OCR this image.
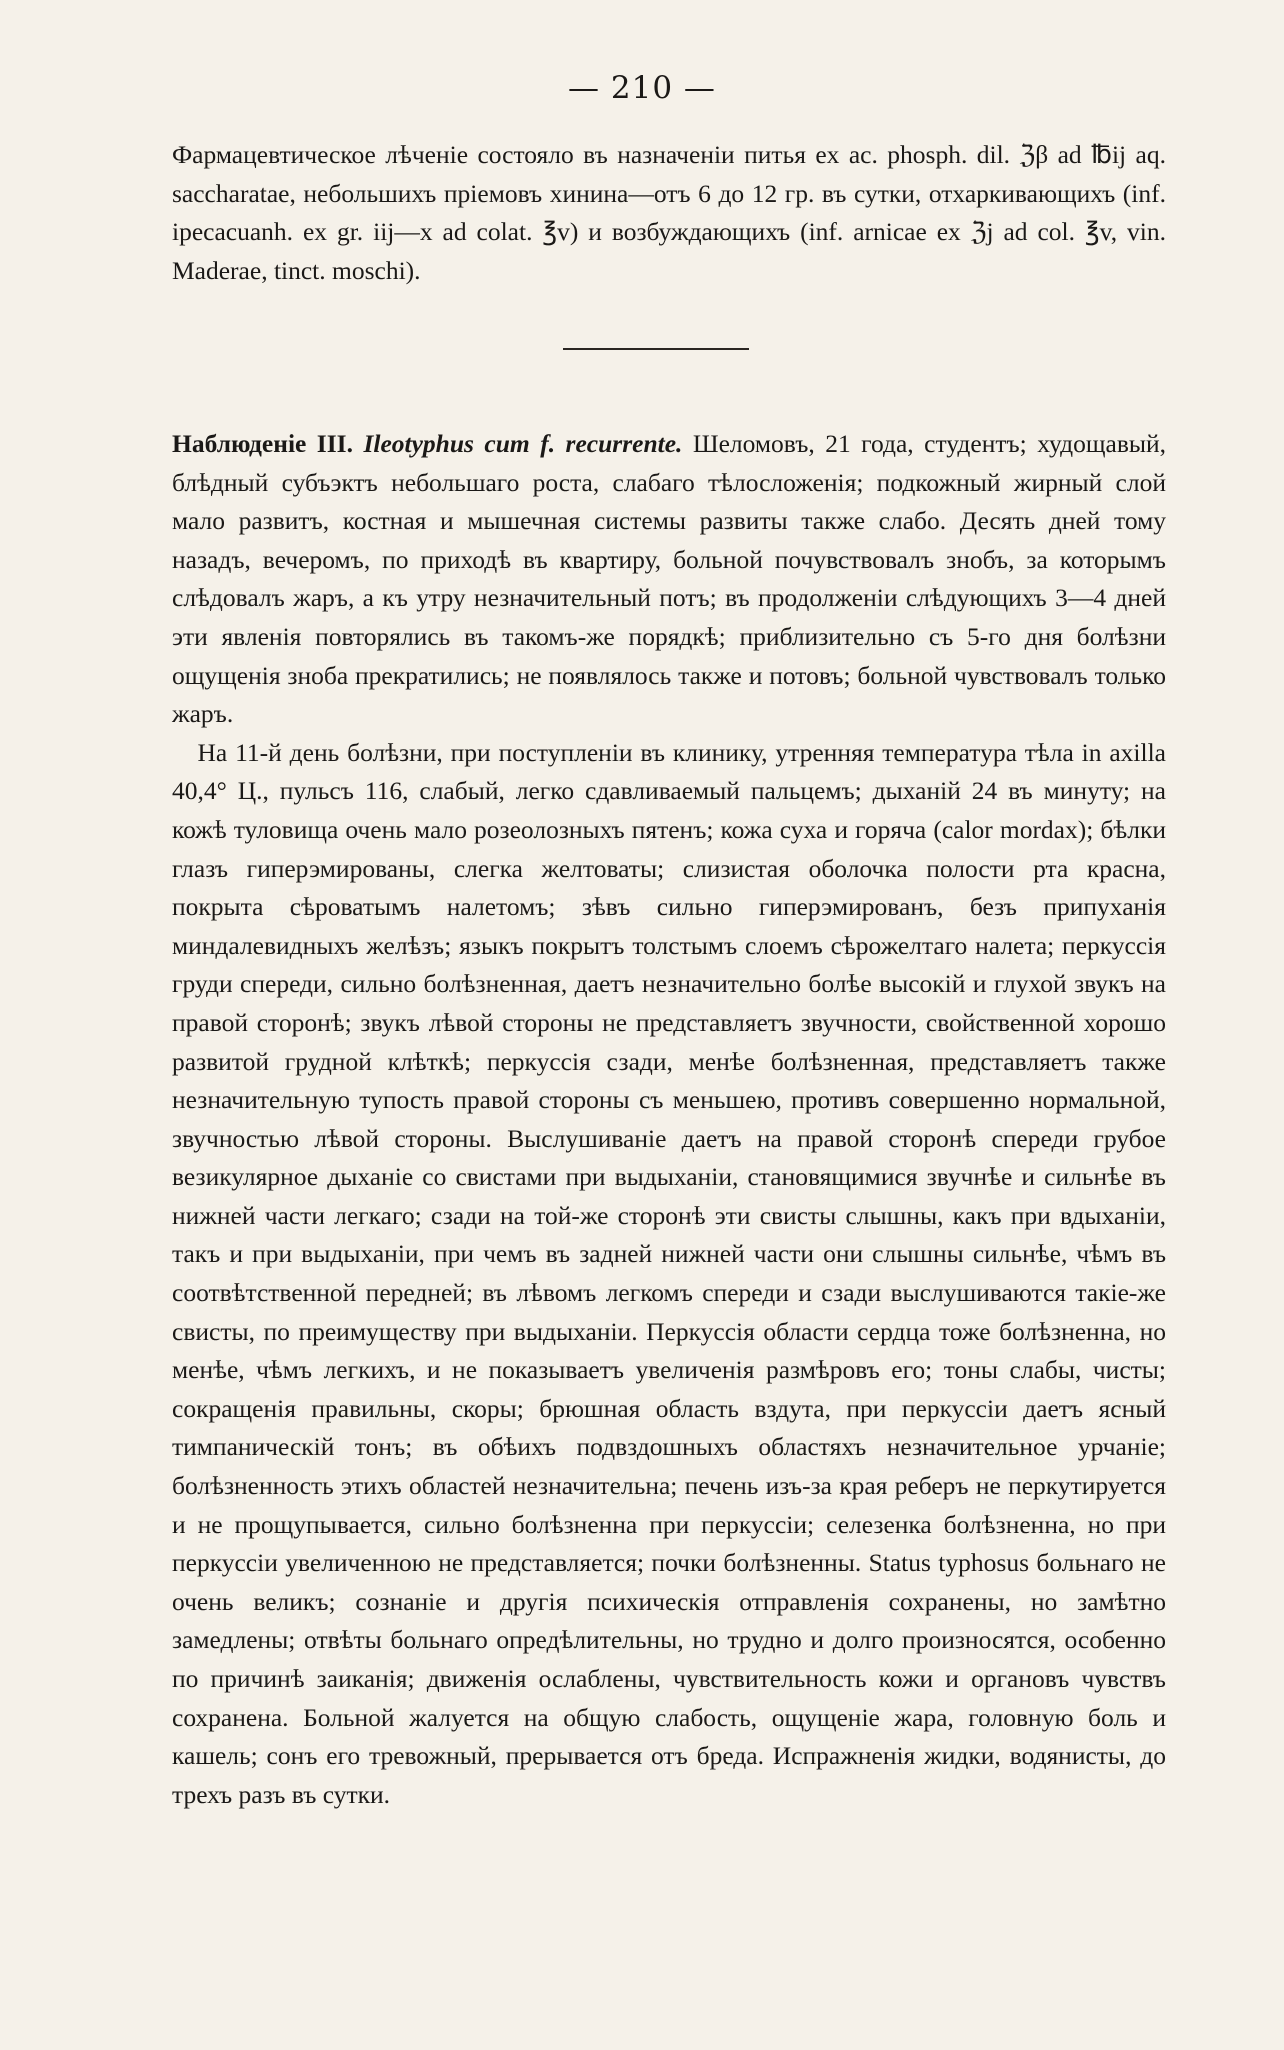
— 210 —
Фармацевтическое лѣченіе состояло въ назначеніи питья ex ac. phosph. dil. ℨβ ad ℔ij aq. saccharatae, небольшихъ пріемовъ хинина—отъ 6 до 12 гр. въ сутки, отхаркивающихъ (inf. ipecacuanh. ex gr. iij—x ad colat. ℥v) и возбуждающихъ (inf. arnicae ex ℨj ad col. ℥v, vin. Maderae, tinct. moschi).

Наблюденіе III. Ileotyphus cum f. recurrente. Шеломовъ, 21 года, студентъ; худощавый, блѣдный субъэктъ небольшаго роста, слабаго тѣлосложенія; подкожный жирный слой мало развитъ, костная и мышечная системы развиты также слабо. Десять дней тому назадъ, вечеромъ, по приходѣ въ квартиру, больной почувствовалъ знобъ, за которымъ слѣдовалъ жаръ, а къ утру незначительный потъ; въ продолженіи слѣдующихъ 3—4 дней эти явленія повторялись въ такомъ-же порядкѣ; приблизительно съ 5-го дня болѣзни ощущенія зноба прекратились; не появлялось также и потовъ; больной чувствовалъ только жаръ.

На 11-й день болѣзни, при поступленіи въ клинику, утренняя температура тѣла in axilla 40,4° Ц., пульсъ 116, слабый, легко сдавливаемый пальцемъ; дыханій 24 въ минуту; на кожѣ туловища очень мало розеолозныхъ пятенъ; кожа суха и горяча (calor mordax); бѣлки глазъ гиперэмированы, слегка желтоваты; слизистая оболочка полости рта красна, покрыта сѣроватымъ налетомъ; зѣвъ сильно гиперэмированъ, безъ припуханія миндалевидныхъ желѣзъ; языкъ покрытъ толстымъ слоемъ сѣрожелтаго налета; перкуссія груди спереди, сильно болѣзненная, даетъ незначительно болѣе высокій и глухой звукъ на правой сторонѣ; звукъ лѣвой стороны не представляетъ звучности, свойственной хорошо развитой грудной клѣткѣ; перкуссія сзади, менѣе болѣзненная, представляетъ также незначительную тупость правой стороны съ меньшею, противъ совершенно нормальной, звучностью лѣвой стороны. Выслушиваніе даетъ на правой сторонѣ спереди грубое везикулярное дыханіе со свистами при выдыханіи, становящимися звучнѣе и сильнѣе въ нижней части легкаго; сзади на той-же сторонѣ эти свисты слышны, какъ при вдыханіи, такъ и при выдыханіи, при чемъ въ задней нижней части они слышны сильнѣе, чѣмъ въ соотвѣтственной передней; въ лѣвомъ легкомъ спереди и сзади выслушиваются такіе-же свисты, по преимуществу при выдыханіи. Перкуссія области сердца тоже болѣзненна, но менѣе, чѣмъ легкихъ, и не показываетъ увеличенія размѣровъ его; тоны слабы, чисты; сокращенія правильны, скоры; брюшная область вздута, при перкуссіи даетъ ясный тимпаническій тонъ; въ обѣихъ подвздошныхъ областяхъ незначительное урчаніе; болѣзненность этихъ областей незначительна; печень изъ-за края реберъ не перкутируется и не прощупывается, сильно болѣзненна при перкуссіи; селезенка болѣзненна, но при перкуссіи увеличенною не представляется; почки болѣзненны. Status typhosus больнаго не очень великъ; сознаніе и другія психическія отправленія сохранены, но замѣтно замедлены; отвѣты больнаго опредѣлительны, но трудно и долго произносятся, особенно по причинѣ заиканія; движенія ослаблены, чувствительность кожи и органовъ чувствъ сохранена. Больной жалуется на общую слабость, ощущеніе жара, головную боль и кашель; сонъ его тревожный, прерывается отъ бреда. Испражненія жидки, водянисты, до трехъ разъ въ сутки.
